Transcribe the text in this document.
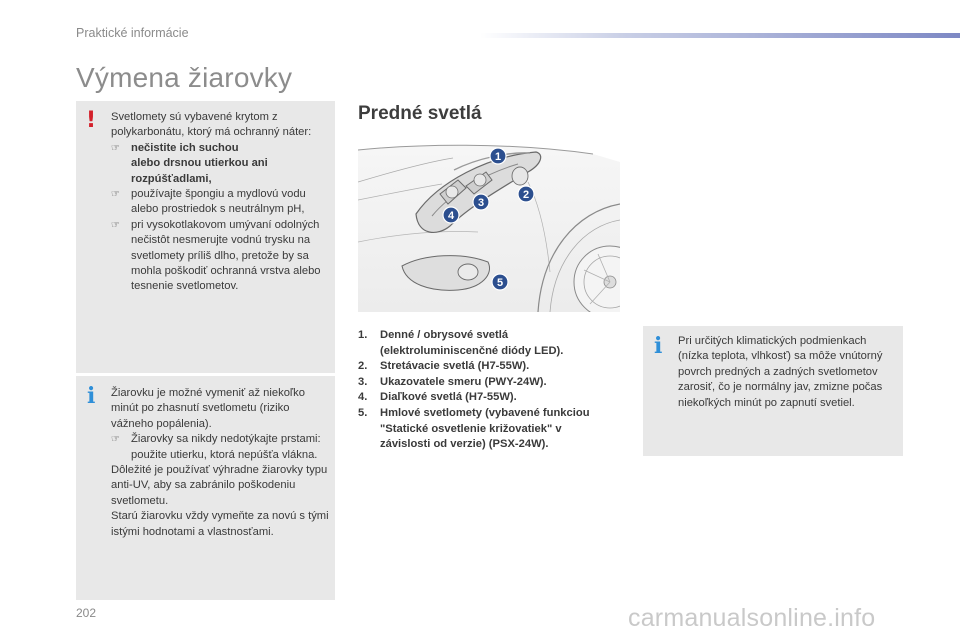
Praktické informácie
Výmena žiarovky
! Svetlomety sú vybavené krytom z polykarbonátu, ktorý má ochranný náter:
☞ nečistite ich suchou
alebo drsnou utierkou ani
rozpúšťadlami,
☞ používajte špongiu a mydlovú vodu alebo prostriedok s neutrálnym pH,
☞ pri vysokotlakovom umývaní odolných nečistôt nesmerujte vodnú trysku na svetlomety príliš dlho, pretože by sa mohla poškodiť ochranná vrstva alebo tesnenie svetlometov.
i Žiarovku je možné vymeniť až niekoľko minút po zhasnutí svetlometu (riziko vážneho popálenia).
☞ Žiarovky sa nikdy nedotýkajte prstami: použite utierku, ktorá nepúšťa vlákna.
Dôležité je používať výhradne žiarovky typu anti-UV, aby sa zabránilo poškodeniu svetlometu.
Starú žiarovku vždy vymeňte za novú s tými istými hodnotami a vlastnosťami.
Predné svetlá
1
2
3
4
5
1. Denné / obrysové svetlá
(elektroluminiscenčné diódy LED).
2. Stretávacie svetlá (H7-55W).
3. Ukazovatele smeru (PWY-24W).
4. Diaľkové svetlá (H7-55W).
5. Hmlové svetlomety (vybavené funkciou
"Statické osvetlenie križovatiek" v
závislosti od verzie) (PSX-24W).
i Pri určitých klimatických podmienkach (nízka teplota, vlhkosť) sa môže vnútorný povrch predných a zadných svetlometov zarosiť, čo je normálny jav, zmizne počas niekoľkých minút po zapnutí svetiel.
202	carmanualsonline.info
